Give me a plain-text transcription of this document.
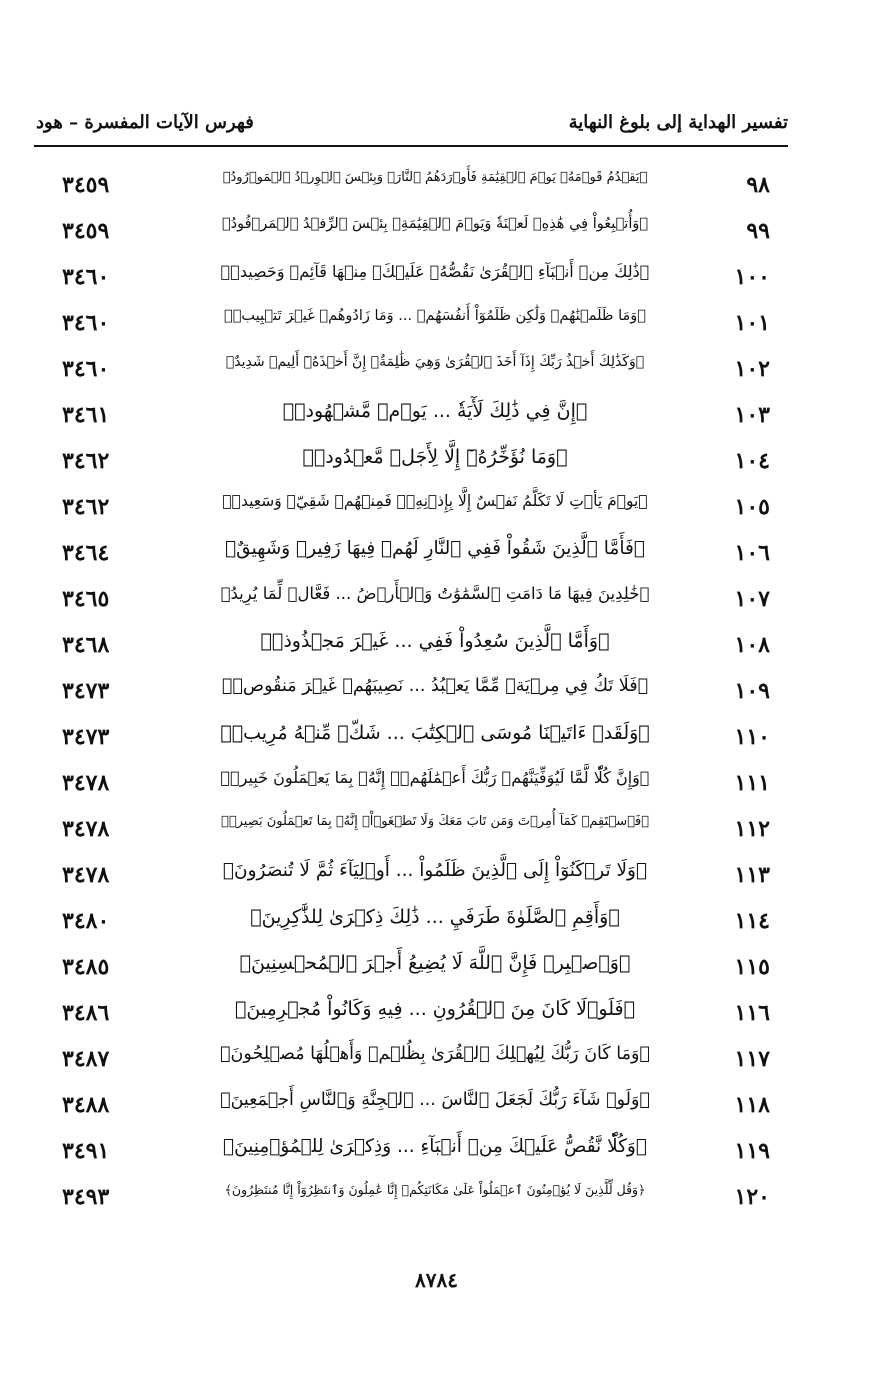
تفسير الهداية إلى بلوغ النهاية
فهرس الآيات المفسرة – هود
٩٨
﴿يَقۡدُمُ قَوۡمَهُۥ يَوۡمَ ٱلۡقِيَٰمَةِ فَأَوۡرَدَهُمُ ٱلنَّارَۖ وَبِئۡسَ ٱلۡوِرۡدُ ٱلۡمَوۡرُودُ﴾
٣٤٥٩
٩٩
﴿وَأُتۡبِعُواْ فِي هَٰذِهِۦ لَعۡنَةٗ وَيَوۡمَ ٱلۡقِيَٰمَةِۚ بِئۡسَ ٱلرِّفۡدُ ٱلۡمَرۡفُودُ﴾
٣٤٥٩
١٠٠
﴿ذَٰلِكَ مِنۡ أَنۢبَآءِ ٱلۡقُرَىٰ نَقُصُّهُۥ عَلَيۡكَۖ مِنۡهَا قَآئِمٞ وَحَصِيدٞ﴾
٣٤٦٠
١٠١
﴿وَمَا ظَلَمۡنَٰهُمۡ وَلَٰكِن ظَلَمُوٓاْ أَنفُسَهُمۡ ... وَمَا زَادُوهُمۡ غَيۡرَ تَتۡبِيبٖ﴾
٣٤٦٠
١٠٢
﴿وَكَذَٰلِكَ أَخۡذُ رَبِّكَ إِذَآ أَخَذَ ٱلۡقُرَىٰ وَهِيَ ظَٰلِمَةٌۚ إِنَّ أَخۡذَهُۥٓ أَلِيمٞ شَدِيدٌ﴾
٣٤٦٠
١٠٣
﴿إِنَّ فِي ذَٰلِكَ لَأٓيَةٗ ... يَوۡمٞ مَّشۡهُودٞ﴾
٣٤٦١
١٠٤
﴿وَمَا نُؤَخِّرُهُۥٓ إِلَّا لِأَجَلٖ مَّعۡدُودٖ﴾
٣٤٦٢
١٠٥
﴿يَوۡمَ يَأۡتِ لَا تَكَلَّمُ نَفۡسٌ إِلَّا بِإِذۡنِهِۦۚ فَمِنۡهُمۡ شَقِيّٞ وَسَعِيدٞ﴾
٣٤٦٢
١٠٦
﴿فَأَمَّا ٱلَّذِينَ شَقُواْ فَفِي ٱلنَّارِ لَهُمۡ فِيهَا زَفِيرٞ وَشَهِيقٌ﴾
٣٤٦٤
١٠٧
﴿خَٰلِدِينَ فِيهَا مَا دَامَتِ ٱلسَّمَٰوَٰتُ وَٱلۡأَرۡضُ ... فَعَّالٞ لِّمَا يُرِيدُ﴾
٣٤٦٥
١٠٨
﴿وَأَمَّا ٱلَّذِينَ سُعِدُواْ فَفِي ... غَيۡرَ مَجۡذُوذٖ﴾
٣٤٦٨
١٠٩
﴿فَلَا تَكُ فِي مِرۡيَةٖ مِّمَّا يَعۡبُدُ ... نَصِيبَهُمۡ غَيۡرَ مَنقُوصٖ﴾
٣٤٧٣
١١٠
﴿وَلَقَدۡ ءَاتَيۡنَا مُوسَى ٱلۡكِتَٰبَ ... شَكّٖ مِّنۡهُ مُرِيبٖ﴾
٣٤٧٣
١١١
﴿وَإِنَّ كُلّٗا لَّمَّا لَيُوَفِّيَنَّهُمۡ رَبُّكَ أَعۡمَٰلَهُمۡۚ إِنَّهُۥ بِمَا يَعۡمَلُونَ خَبِيرٞ﴾
٣٤٧٨
١١٢
﴿فَٱسۡتَقِمۡ كَمَآ أُمِرۡتَ وَمَن تَابَ مَعَكَ وَلَا تَطۡغَوۡاْۚ إِنَّهُۥ بِمَا تَعۡمَلُونَ بَصِيرٞ﴾
٣٤٧٨
١١٣
﴿وَلَا تَرۡكَنُوٓاْ إِلَى ٱلَّذِينَ ظَلَمُواْ ... أَوۡلِيَآءَ ثُمَّ لَا تُنصَرُونَ﴾
٣٤٧٨
١١٤
﴿وَأَقِمِ ٱلصَّلَوٰةَ طَرَفَيِ ... ذَٰلِكَ ذِكۡرَىٰ لِلذَّٰكِرِينَ﴾
٣٤٨٠
١١٥
﴿وَٱصۡبِرۡ فَإِنَّ ٱللَّهَ لَا يُضِيعُ أَجۡرَ ٱلۡمُحۡسِنِينَ﴾
٣٤٨٥
١١٦
﴿فَلَوۡلَا كَانَ مِنَ ٱلۡقُرُونِ ... فِيهِ وَكَانُواْ مُجۡرِمِينَ﴾
٣٤٨٦
١١٧
﴿وَمَا كَانَ رَبُّكَ لِيُهۡلِكَ ٱلۡقُرَىٰ بِظُلۡمٖ وَأَهۡلُهَا مُصۡلِحُونَ﴾
٣٤٨٧
١١٨
﴿وَلَوۡ شَآءَ رَبُّكَ لَجَعَلَ ٱلنَّاسَ ... ٱلۡجِنَّةِ وَٱلنَّاسِ أَجۡمَعِينَ﴾
٣٤٨٨
١١٩
﴿وَكُلّٗا نَّقُصُّ عَلَيۡكَ مِنۡ أَنۢبَآءِ ... وَذِكۡرَىٰ لِلۡمُؤۡمِنِينَ﴾
٣٤٩١
١٢٠
﴿وَقُل لِّلَّذِينَ لَا يُؤۡمِنُونَ ٱعۡمَلُواْ عَلَىٰ مَكَانَتِكُمۡ إِنَّا عَٰمِلُونَ وَٱنتَظِرُوٓاْ إِنَّا مُنتَظِرُونَ﴾
٣٤٩٣
٨٧٨٤
